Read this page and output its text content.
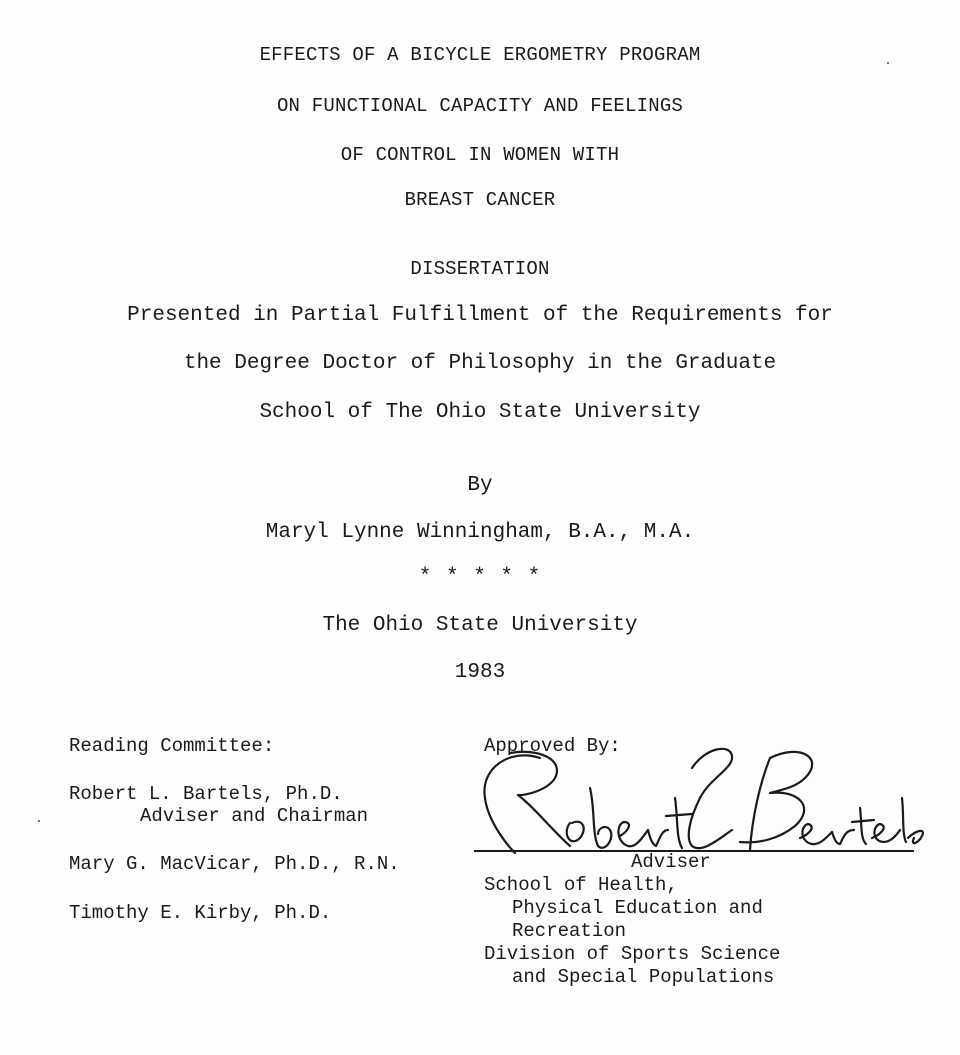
EFFECTS OF A BICYCLE ERGOMETRY PROGRAM
ON FUNCTIONAL CAPACITY AND FEELINGS
OF CONTROL IN WOMEN WITH
BREAST CANCER
DISSERTATION
Presented in Partial Fulfillment of the Requirements for
the Degree Doctor of Philosophy in the Graduate
School of The Ohio State University
By
Maryl Lynne Winningham, B.A., M.A.
* * * * *
The Ohio State University
1983
Reading Committee:
Robert L. Bartels, Ph.D.
Adviser and Chairman
Mary G. MacVicar, Ph.D., R.N.
Timothy E. Kirby, Ph.D.
Approved By:
Adviser
School of Health,
Physical Education and
Recreation
Division of Sports Science
and Special Populations
